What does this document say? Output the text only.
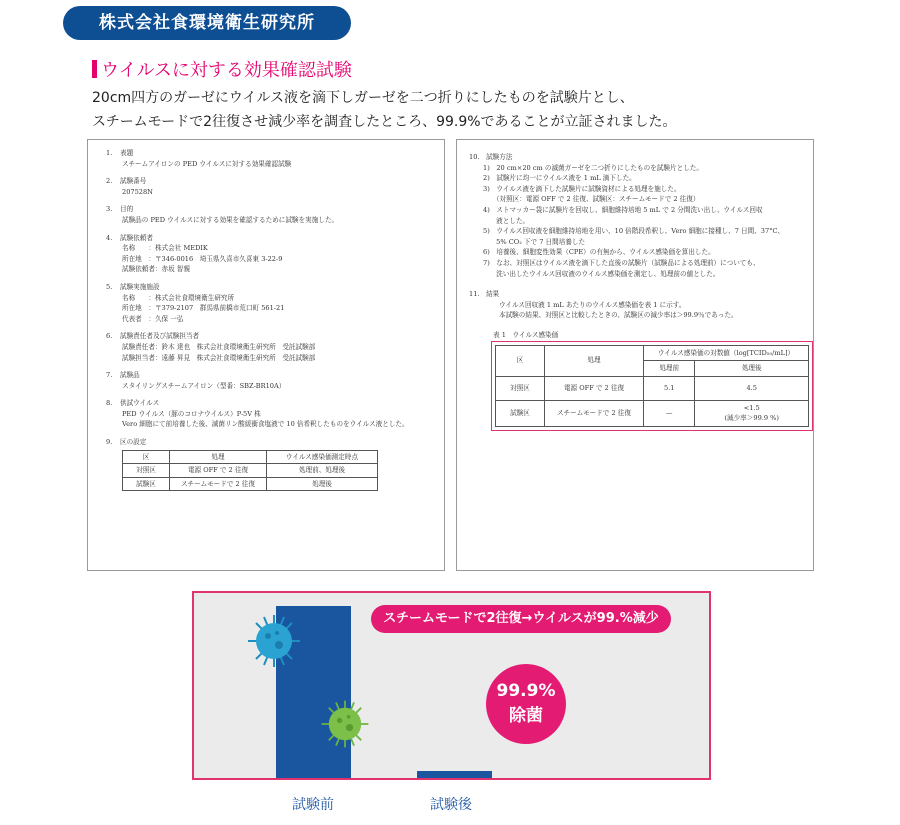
株式会社食環境衛生研究所
ウイルスに対する効果確認試験
20cm四方のガーゼにウイルス液を滴下しガーゼを二つ折りにしたものを試験片とし、
スチームモードで2往復させ減少率を調査したところ、99.9%であることが立証されました。
1. 表題
スチームアイロンの PED ウイルスに対する効果確認試験
2. 試験番号
207528N
3. 目的
試験品の PED ウイルスに対する効果を確認するために試験を実施した。
4. 試験依頼者
名称　　：株式会社 MEDIK
所在地　：〒346-0016　埼玉県久喜市久喜東 3-22-9
試験依頼者：赤坂 智親
5. 試験実施施設
名称　　：株式会社食環境衛生研究所
所在地　：〒379-2107　群馬県前橋市荒口町 561-21
代表者　：久保 一弘
6. 試験責任者及び試験担当者
試験責任者：鈴木 達也　株式会社食環境衛生研究所　受託試験部
試験担当者：遠藤 昇見　株式会社食環境衛生研究所　受託試験部
7. 試験品
スタイリングスチームアイロン（型番：SBZ-BR10A）
8. 供試ウイルス
PED ウイルス（豚のコロナウイルス）P-5V 株
Vero 細胞にて前培養した後、滅菌リン酸緩衝食塩液で 10 倍希釈したものをウイルス液とした。
9. 区の設定
区	処理	ウイルス感染価測定時点
対照区	電源 OFF で 2 往復	処理前、処理後
試験区	スチームモードで 2 往復	処理後
10.　試験方法
1)　20 cm×20 cm の滅菌ガーゼを二つ折りにしたものを試験片とした。
2)　試験片に均一にウイルス液を 1 mL 滴下した。
3)　ウイルス液を滴下した試験片に試験資材による処理を施した。
　　（対照区：電源 OFF で 2 往復、試験区：スチームモードで 2 往復）
4)　ストマッカー袋に試験片を回収し、細胞維持培地 5 mL で 2 分間洗い出し、ウイルス回収
　　液とした。
5)　ウイルス回収液を細胞維持培地を用い、10 倍階段希釈し、Vero 細胞に接種し、7 日間、37°C、
　　5% CO₂ 下で 7 日間培養した
6)　培養後、細胞変性効果（CPE）の有無から、ウイルス感染価を算出した。
7)　なお、対照区はウイルス液を滴下した直後の試験片（試験品による処理前）についても、
　　洗い出したウイルス回収液のウイルス感染価を測定し、処理前の値とした。
11.　結果
ウイルス回収液 1 mL あたりのウイルス感染価を表 1 に示す。
本試験の結果、対照区と比較したときの、試験区の減少率は＞99.9％であった。
表 1　ウイルス感染価
区	処理	ウイルス感染価の対数値（log[TCID₅₀/mL]）	
		処理前	処理後
対照区	電源 OFF で 2 往復	5.1	4.5
試験区	スチームモードで 2 往復	—	<1.5
(減少率＞99.9 %)
スチームモードで2往復→ウイルスが99.%減少
99.9%
除菌
試験前	試験後
